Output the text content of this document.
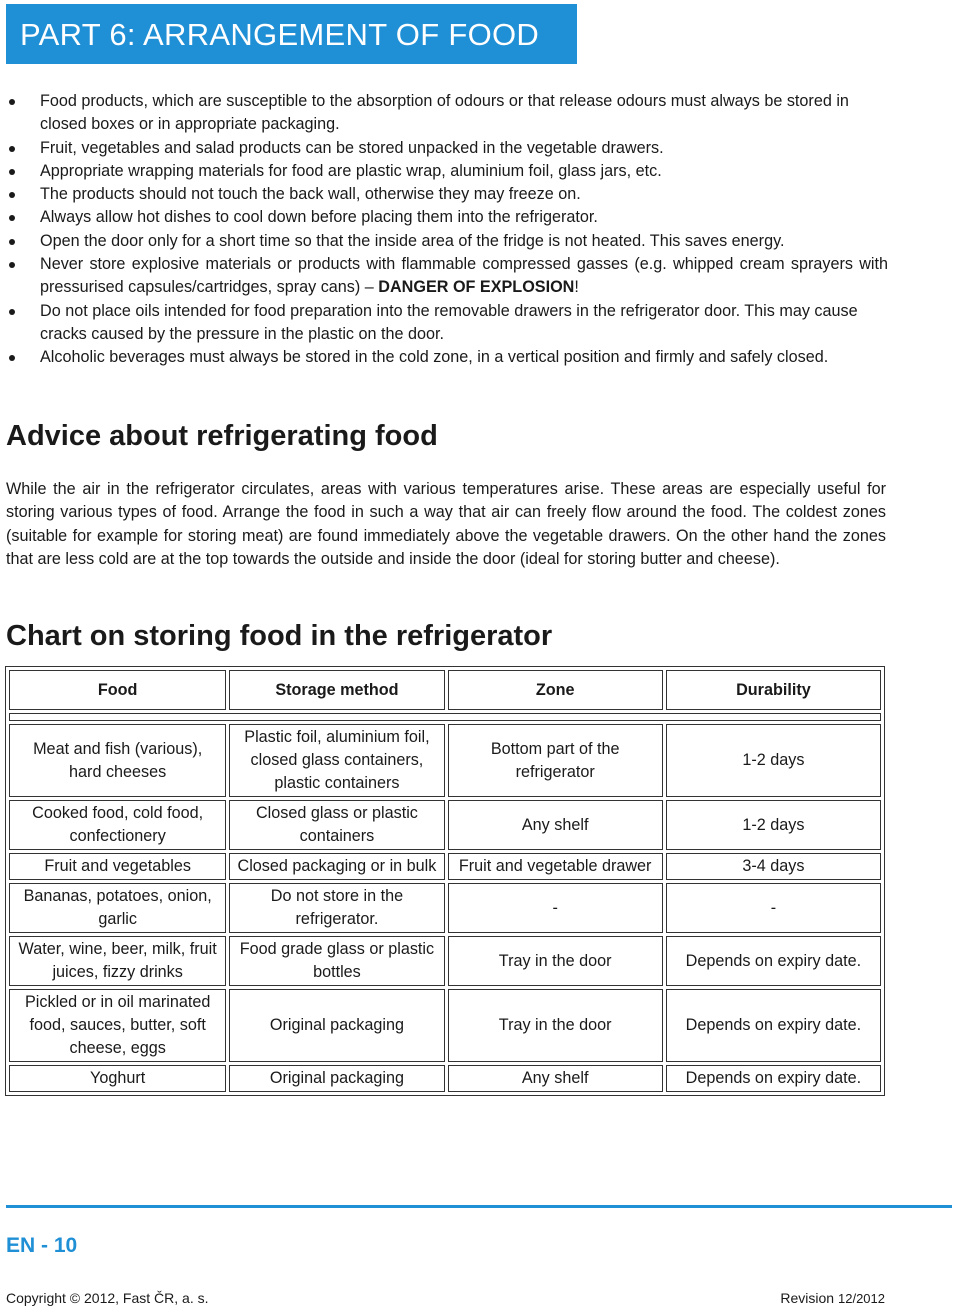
PART 6: ARRANGEMENT OF FOOD
Food products, which are susceptible to the absorption of odours or that release odours must always be stored in closed boxes or in appropriate packaging.
Fruit, vegetables and salad products can be stored unpacked in the vegetable drawers.
Appropriate wrapping materials for food are plastic wrap, aluminium foil, glass jars, etc.
The products should not touch the back wall, otherwise they may freeze on.
Always allow hot dishes to cool down before placing them into the refrigerator.
Open the door only for a short time so that the inside area of the fridge is not heated. This saves energy.
Never store explosive materials or products with flammable compressed gasses (e.g. whipped cream sprayers with pressurised capsules/cartridges, spray cans) – DANGER OF EXPLOSION!
Do not place oils intended for food preparation into the removable drawers in the refrigerator door. This may cause cracks caused by the pressure in the plastic on the door.
Alcoholic beverages must always be stored in the cold zone, in a vertical position and firmly and safely closed.
Advice about refrigerating food

While the air in the refrigerator circulates, areas with various temperatures arise. These areas are especially useful for storing various types of food. Arrange the food in such a way that air can freely flow around the food. The coldest zones (suitable for example for storing meat) are found immediately above the vegetable drawers. On the other hand the zones that are less cold are at the top towards the outside and inside the door (ideal for storing butter and cheese).

Chart on storing food in the refrigerator
Food	Storage method	Zone	Durability

Meat and fish (various), hard cheeses	Plastic foil, aluminium foil, closed glass containers, plastic containers	Bottom part of the refrigerator	1-2 days
Cooked food, cold food, confectionery	Closed glass or plastic containers	Any shelf	1-2 days
Fruit and vegetables	Closed packaging or in bulk	Fruit and vegetable drawer	3-4 days
Bananas, potatoes, onion, garlic	Do not store in the refrigerator.	-	-
Water, wine, beer, milk, fruit juices, fizzy drinks	Food grade glass or plastic bottles	Tray in the door	Depends on expiry date.
Pickled or in oil marinated food, sauces, butter, soft cheese, eggs	Original packaging	Tray in the door	Depends on expiry date.
Yoghurt	Original packaging	Any shelf	Depends on expiry date.
EN - 10
Copyright © 2012, Fast ČR, a. s.	Revision 12/2012
